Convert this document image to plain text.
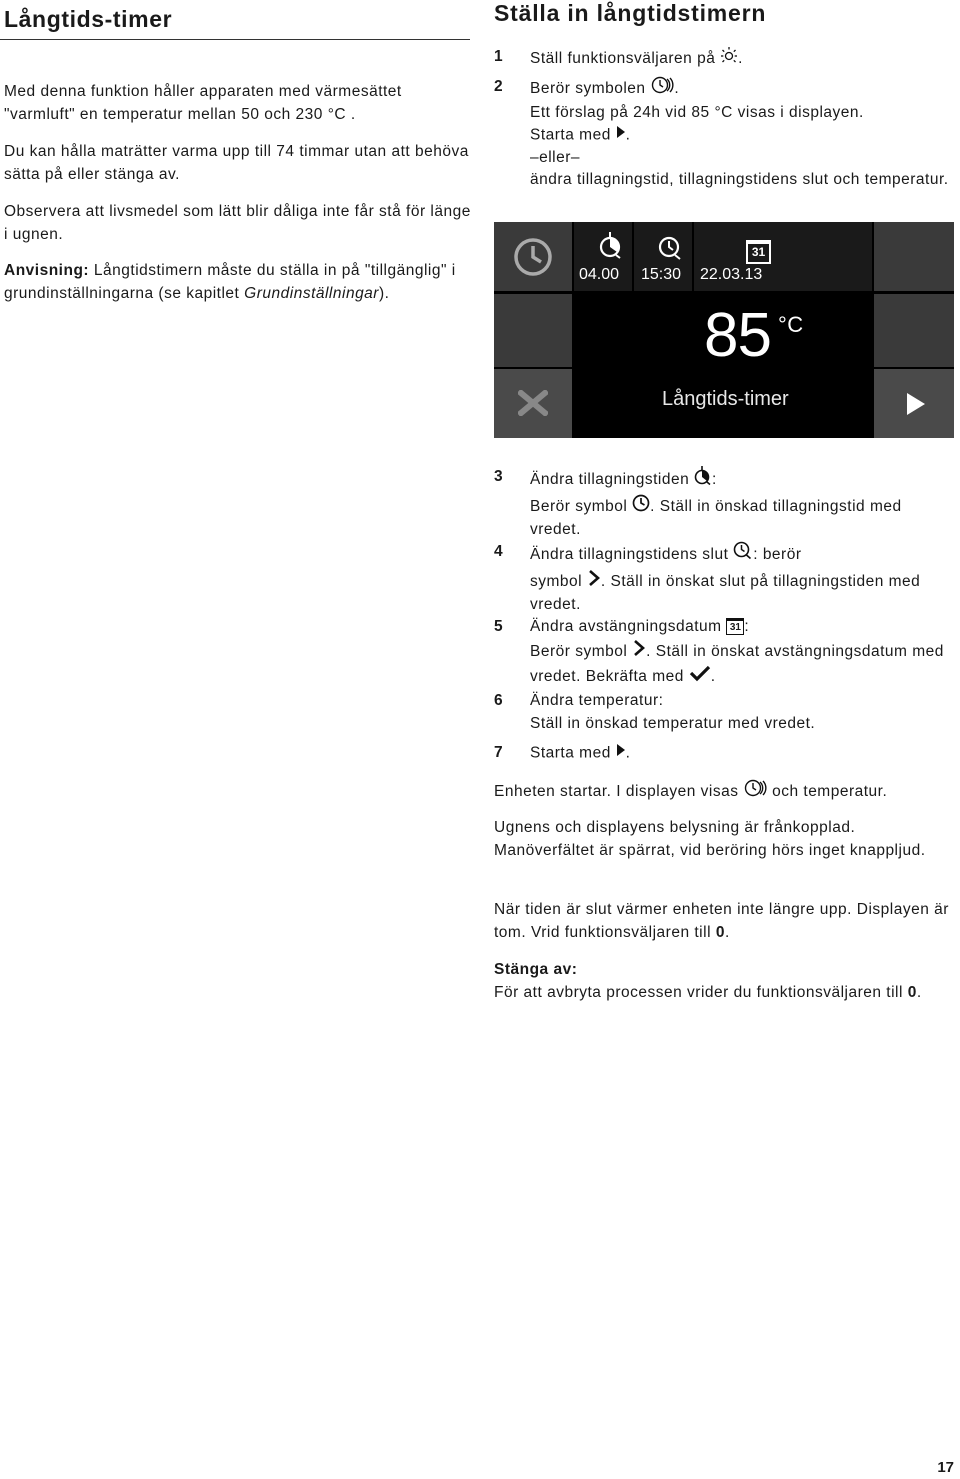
Långtids-timer

Med denna funktion håller apparaten med värmesättet "varmluft" en temperatur mellan 50 och 230 °C .

Du kan hålla maträtter varma upp till 74 timmar utan att behöva sätta på eller stänga av.

Observera att livsmedel som lätt blir dåliga inte får stå för länge i ugnen.

Anvisning: Långtidstimern måste du ställa in på "tillgänglig" i grundinställningarna (se kapitlet Grundinställningar).

Ställa in långtidstimern
1	Ställ funktionsväljaren på .
2	Berör symbolen .
Ett förslag på 24h vid 85 °C visas i displayen.
Starta med .
–eller–
ändra tillagningstid, tillagningstidens slut och temperatur.
04.00 15:30
31
22.03.13
85 °C
Långtids-timer
3	Ändra tillagningstiden :
Berör symbol . Ställ in önskad tillagningstid med vredet.
4	Ändra tillagningstidens slut : berör
symbol . Ställ in önskat slut på tillagningstiden med vredet.
5	Ändra avstängningsdatum 31 :
Berör symbol . Ställ in önskat avstängningsdatum med vredet. Bekräfta med .
6	Ändra temperatur:
Ställ in önskad temperatur med vredet.
7	Starta med .

Enheten startar. I displayen visas  och temperatur.

Ugnens och displayens belysning är frånkopplad. Manöverfältet är spärrat, vid beröring hörs inget knappljud.

När tiden är slut värmer enheten inte längre upp. Displayen är tom. Vrid funktionsväljaren till 0.

Stänga av:
För att avbryta processen vrider du funktionsväljaren till 0.

17
